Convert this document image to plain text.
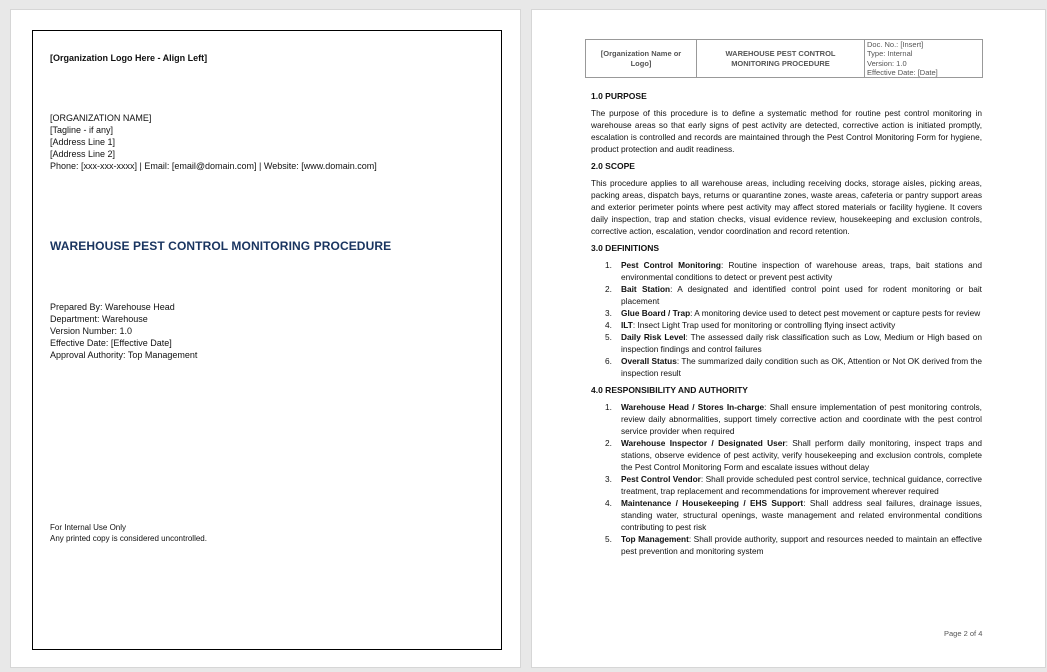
[Organization Logo Here - Align Left]
[ORGANIZATION NAME]
[Tagline - if any]
[Address Line 1]
[Address Line 2]
Phone: [xxx-xxx-xxxx] | Email: [email@domain.com] | Website: [www.domain.com]
WAREHOUSE PEST CONTROL MONITORING PROCEDURE
Prepared By: Warehouse Head
Department: Warehouse
Version Number: 1.0
Effective Date: [Effective Date]
Approval Authority: Top Management
For Internal Use Only
Any printed copy is considered uncontrolled.
[Organization Name or
Logo]

WAREHOUSE PEST CONTROL
MONITORING PROCEDURE

Doc. No.: [Insert]
Type: Internal
Version: 1.0
Effective Date: [Date]
1.0 PURPOSE
The purpose of this procedure is to define a systematic method for routine pest control monitoring in warehouse areas so that early signs of pest activity are detected, corrective action is initiated promptly, escalation is controlled and records are maintained through the Pest Control Monitoring Form for hygiene, product protection and audit readiness.
2.0 SCOPE
This procedure applies to all warehouse areas, including receiving docks, storage aisles, picking areas, packing areas, dispatch bays, returns or quarantine zones, waste areas, cafeteria or pantry support areas and exterior perimeter points where pest activity may affect stored materials or facility hygiene. It covers daily inspection, trap and station checks, visual evidence review, housekeeping and exclusion controls, corrective action, escalation, vendor coordination and record retention.
3.0 DEFINITIONS
1. Pest Control Monitoring: Routine inspection of warehouse areas, traps, bait stations and environmental conditions to detect or prevent pest activity
2. Bait Station: A designated and identified control point used for rodent monitoring or bait placement
3. Glue Board / Trap: A monitoring device used to detect pest movement or capture pests for review
4. ILT: Insect Light Trap used for monitoring or controlling flying insect activity
5. Daily Risk Level: The assessed daily risk classification such as Low, Medium or High based on inspection findings and control failures
6. Overall Status: The summarized daily condition such as OK, Attention or Not OK derived from the inspection result
4.0 RESPONSIBILITY AND AUTHORITY
1. Warehouse Head / Stores In-charge: Shall ensure implementation of pest monitoring controls, review daily abnormalities, support timely corrective action and coordinate with the pest control service provider when required
2. Warehouse Inspector / Designated User: Shall perform daily monitoring, inspect traps and stations, observe evidence of pest activity, verify housekeeping and exclusion controls, complete the Pest Control Monitoring Form and escalate issues without delay
3. Pest Control Vendor: Shall provide scheduled pest control service, technical guidance, corrective treatment, trap replacement and recommendations for improvement wherever required
4. Maintenance / Housekeeping / EHS Support: Shall address seal failures, drainage issues, standing water, structural openings, waste management and related environmental conditions contributing to pest risk
5. Top Management: Shall provide authority, support and resources needed to maintain an effective pest prevention and monitoring system
Page 2 of 4
